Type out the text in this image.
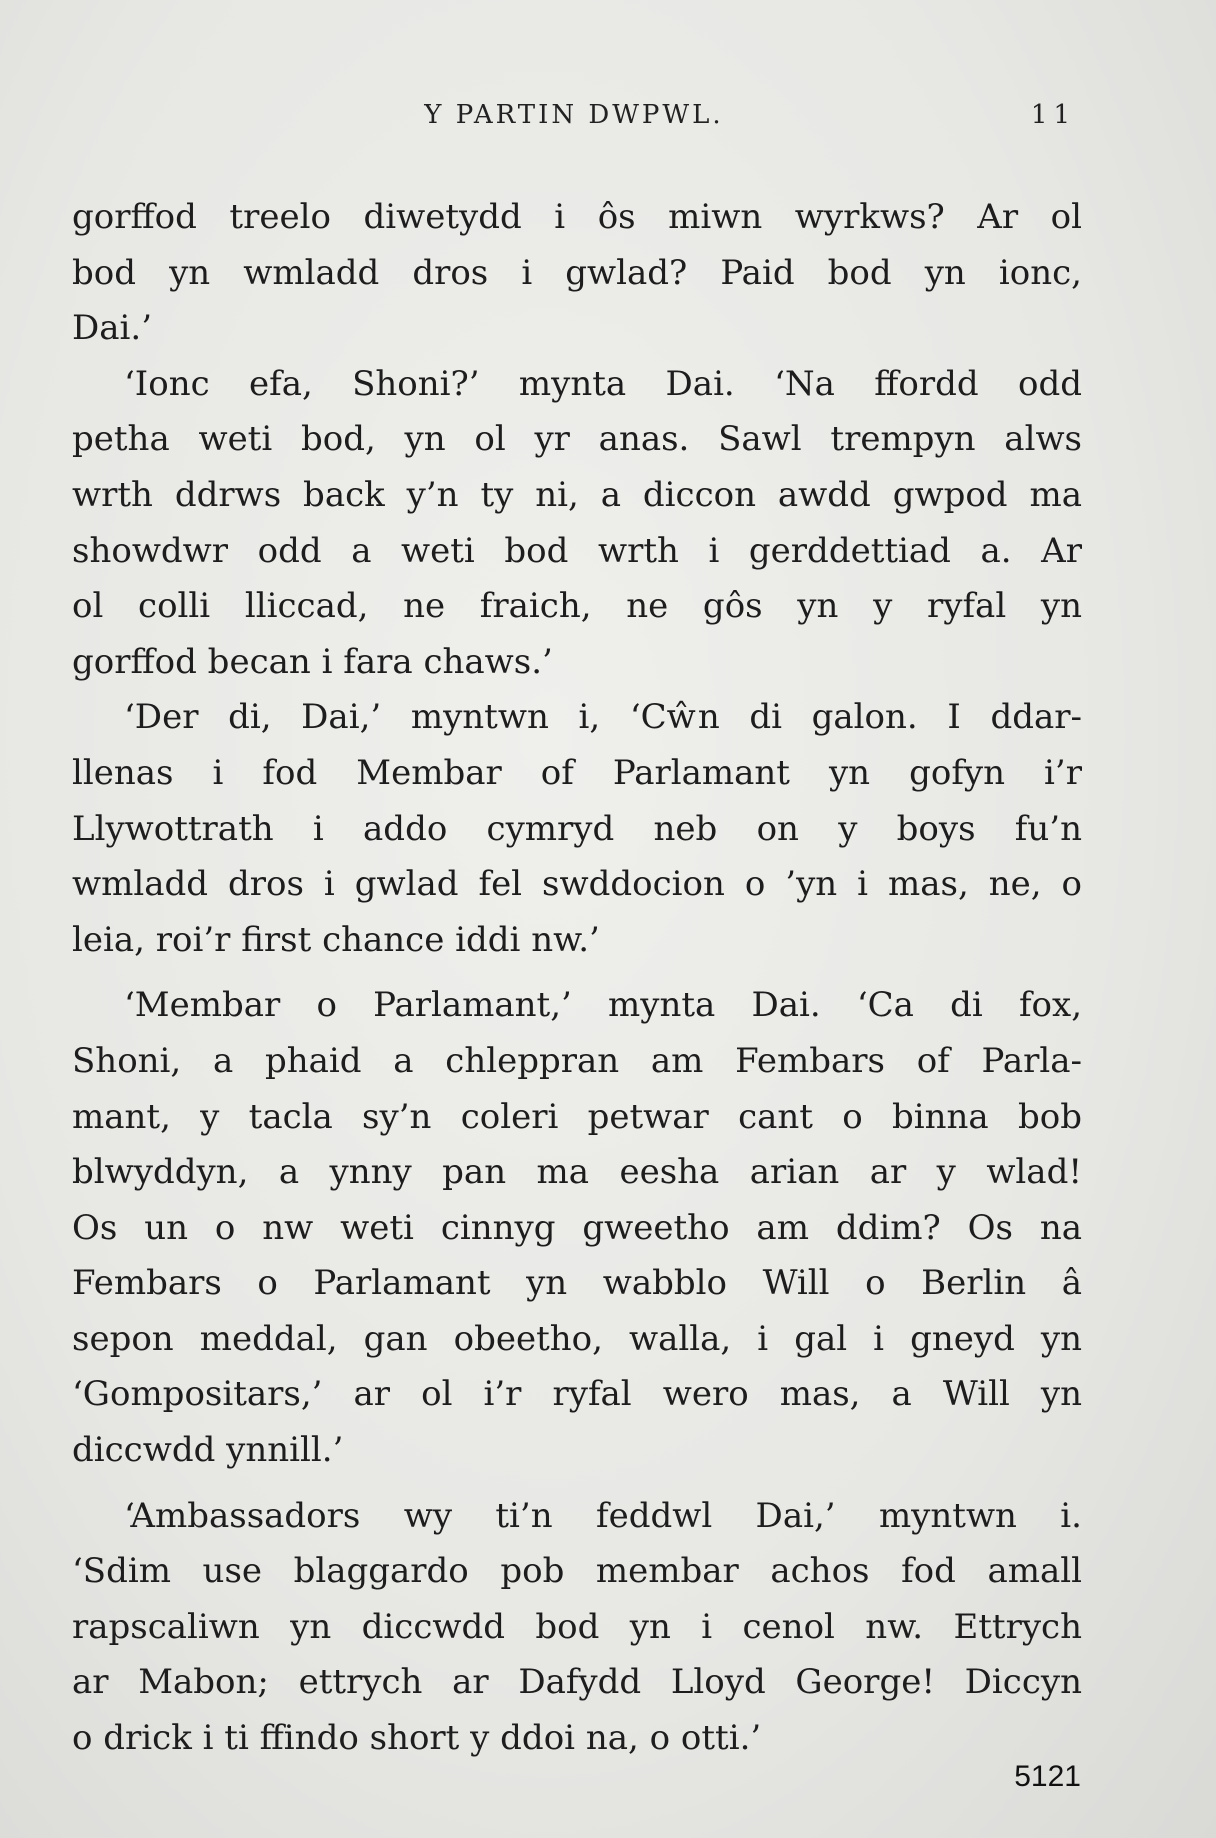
Y PARTIN DWPWL.	11
gorffod treelo diwetydd i ôs miwn wyrkws? Ar ol
bod yn wmladd dros i gwlad? Paid bod yn ionc,
Dai.’
‘Ionc efa, Shoni?’ mynta Dai. ‘Na ffordd odd
petha weti bod, yn ol yr anas. Sawl trempyn alws
wrth ddrws back y’n ty ni, a diccon awdd gwpod ma
showdwr odd a weti bod wrth i gerddettiad a. Ar
ol colli lliccad, ne fraich, ne gôs yn y ryfal yn
gorffod becan i fara chaws.’
‘Der di, Dai,’ myntwn i, ‘Cŵn di galon. I ddar-
llenas i fod Membar of Parlamant yn gofyn i’r
Llywottrath i addo cymryd neb on y boys fu’n
wmladd dros i gwlad fel swddocion o ’yn i mas, ne, o
leia, roi’r first chance iddi nw.’
‘Membar o Parlamant,’ mynta Dai. ‘Ca di fox,
Shoni, a phaid a chleppran am Fembars of Parla-
mant, y tacla sy’n coleri petwar cant o binna bob
blwyddyn, a ynny pan ma eesha arian ar y wlad!
Os un o nw weti cinnyg gweetho am ddim? Os na
Fembars o Parlamant yn wabblo Will o Berlin â
sepon meddal, gan obeetho, walla, i gal i gneyd yn
‘Gompositars,’ ar ol i’r ryfal wero mas, a Will yn
diccwdd ynnill.’
‘Ambassadors wy ti’n feddwl Dai,’ myntwn i.
‘Sdim use blaggardo pob membar achos fod amall
rapscaliwn yn diccwdd bod yn i cenol nw. Ettrych
ar Mabon; ettrych ar Dafydd Lloyd George! Diccyn
o drick i ti ffindo short y ddoi na, o otti.’
5121
